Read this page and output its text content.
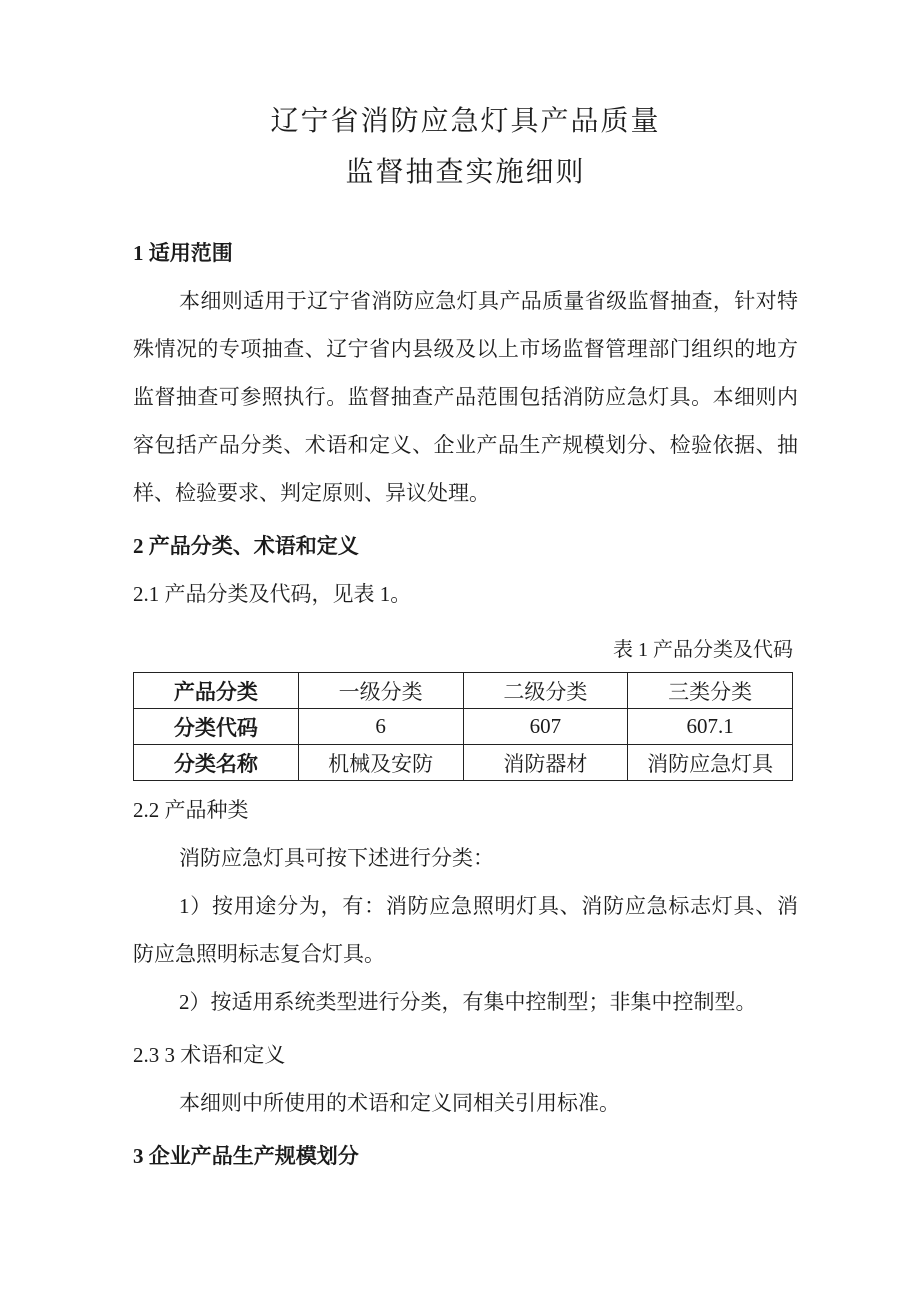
辽宁省消防应急灯具产品质量
监督抽查实施细则
1 适用范围

本细则适用于辽宁省消防应急灯具产品质量省级监督抽查，针对特殊情况的专项抽查、辽宁省内县级及以上市场监督管理部门组织的地方监督抽查可参照执行。监督抽查产品范围包括消防应急灯具。本细则内容包括产品分类、术语和定义、企业产品生产规模划分、检验依据、抽样、检验要求、判定原则、异议处理。

2 产品分类、术语和定义

2.1 产品分类及代码，见表 1。

表 1 产品分类及代码
产品分类	一级分类	二级分类	三类分类
分类代码	6	607	607.1
分类名称	机械及安防	消防器材	消防应急灯具

2.2 产品种类

消防应急灯具可按下述进行分类：

1）按用途分为，有：消防应急照明灯具、消防应急标志灯具、消防应急照明标志复合灯具。

2）按适用系统类型进行分类，有集中控制型；非集中控制型。

2.3 3 术语和定义

本细则中所使用的术语和定义同相关引用标准。

3 企业产品生产规模划分
